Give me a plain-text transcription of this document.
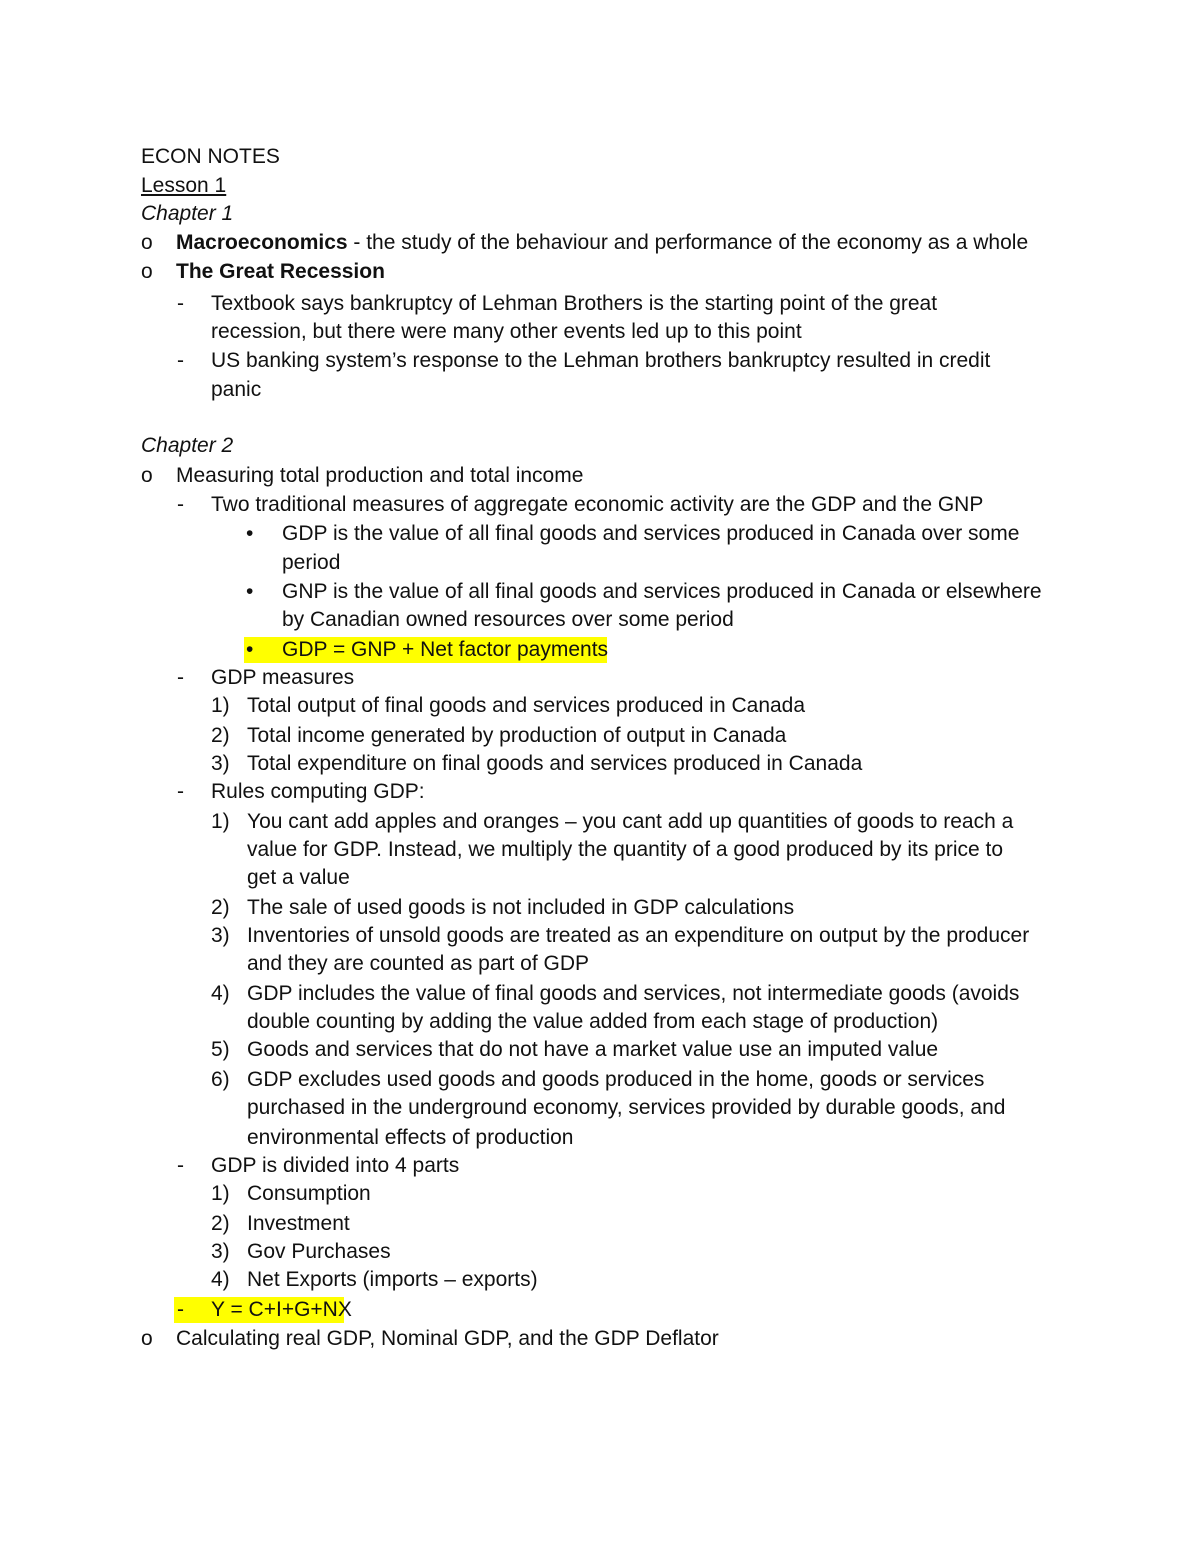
ECON NOTES
Lesson 1
Chapter 1
o Macroeconomics - the study of the behaviour and performance of the economy as a whole
o The Great Recession
- Textbook says bankruptcy of Lehman Brothers is the starting point of the great
recession, but there were many other events led up to this point
- US banking system’s response to the Lehman brothers bankruptcy resulted in credit
panic
Chapter 2
o Measuring total production and total income
- Two traditional measures of aggregate economic activity are the GDP and the GNP
• GDP is the value of all final goods and services produced in Canada over some
period
• GNP is the value of all final goods and services produced in Canada or elsewhere
by Canadian owned resources over some period
• GDP = GNP + Net factor payments
- GDP measures
1) Total output of final goods and services produced in Canada
2) Total income generated by production of output in Canada
3) Total expenditure on final goods and services produced in Canada
- Rules computing GDP:
1) You cant add apples and oranges – you cant add up quantities of goods to reach a
value for GDP. Instead, we multiply the quantity of a good produced by its price to
get a value
2) The sale of used goods is not included in GDP calculations
3) Inventories of unsold goods are treated as an expenditure on output by the producer
and they are counted as part of GDP
4) GDP includes the value of final goods and services, not intermediate goods (avoids
double counting by adding the value added from each stage of production)
5) Goods and services that do not have a market value use an imputed value
6) GDP excludes used goods and goods produced in the home, goods or services
purchased in the underground economy, services provided by durable goods, and
environmental effects of production
- GDP is divided into 4 parts
1) Consumption
2) Investment
3) Gov Purchases
4) Net Exports (imports – exports)
- Y = C+I+G+NX
o Calculating real GDP, Nominal GDP, and the GDP Deflator
